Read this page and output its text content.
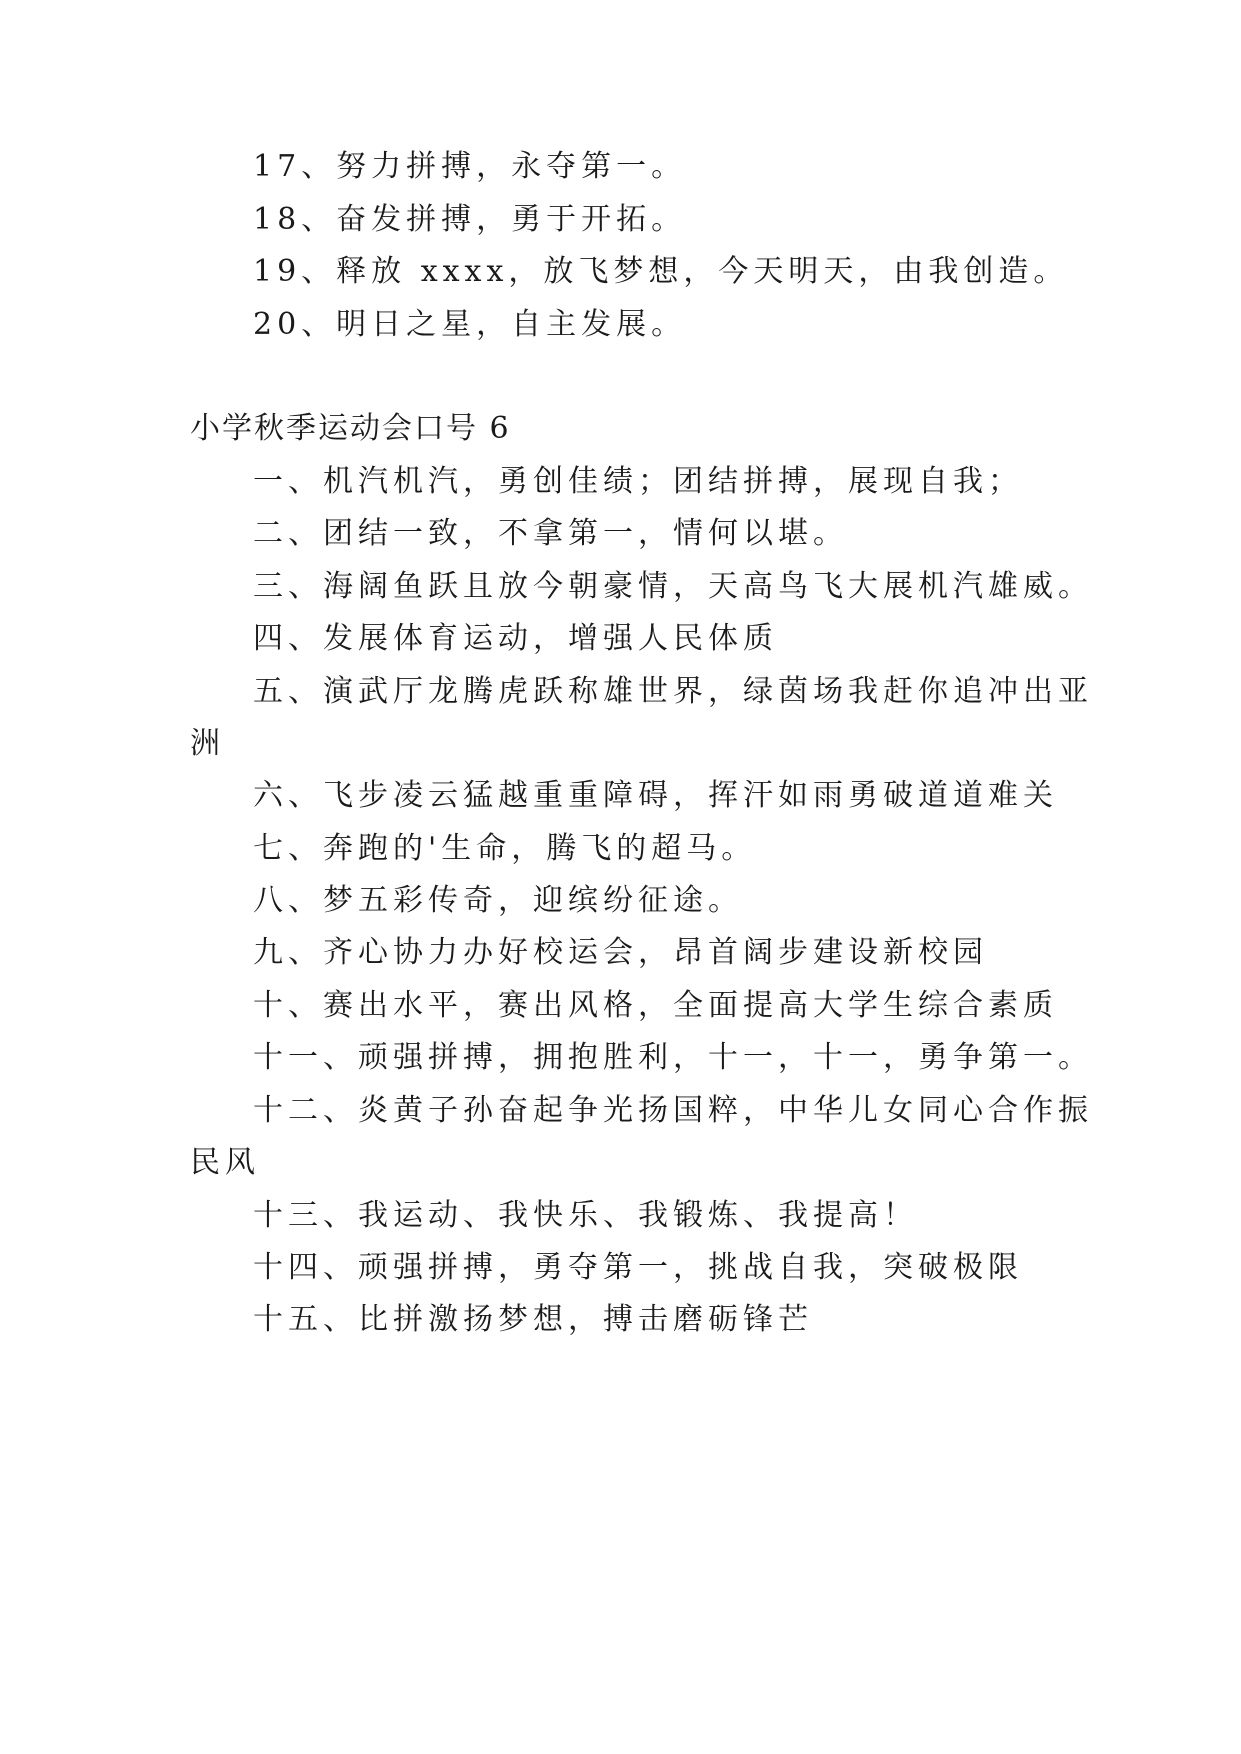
17、努力拼搏，永夺第一。
18、奋发拼搏，勇于开拓。
19、释放 xxxx，放飞梦想，今天明天，由我创造。
20、明日之星，自主发展。
小学秋季运动会口号 6
一、机汽机汽，勇创佳绩；团结拼搏，展现自我；
二、团结一致，不拿第一，情何以堪。
三、海阔鱼跃且放今朝豪情，天高鸟飞大展机汽雄威。
四、发展体育运动，增强人民体质
五、演武厅龙腾虎跃称雄世界，绿茵场我赶你追冲出亚
洲
六、飞步凌云猛越重重障碍，挥汗如雨勇破道道难关
七、奔跑的'生命，腾飞的超马。
八、梦五彩传奇，迎缤纷征途。
九、齐心协力办好校运会，昂首阔步建设新校园
十、赛出水平，赛出风格，全面提高大学生综合素质
十一、顽强拼搏，拥抱胜利，十一，十一，勇争第一。
十二、炎黄子孙奋起争光扬国粹，中华儿女同心合作振
民风
十三、我运动、我快乐、我锻炼、我提高！
十四、顽强拼搏，勇夺第一，挑战自我，突破极限
十五、比拼激扬梦想，搏击磨砺锋芒
